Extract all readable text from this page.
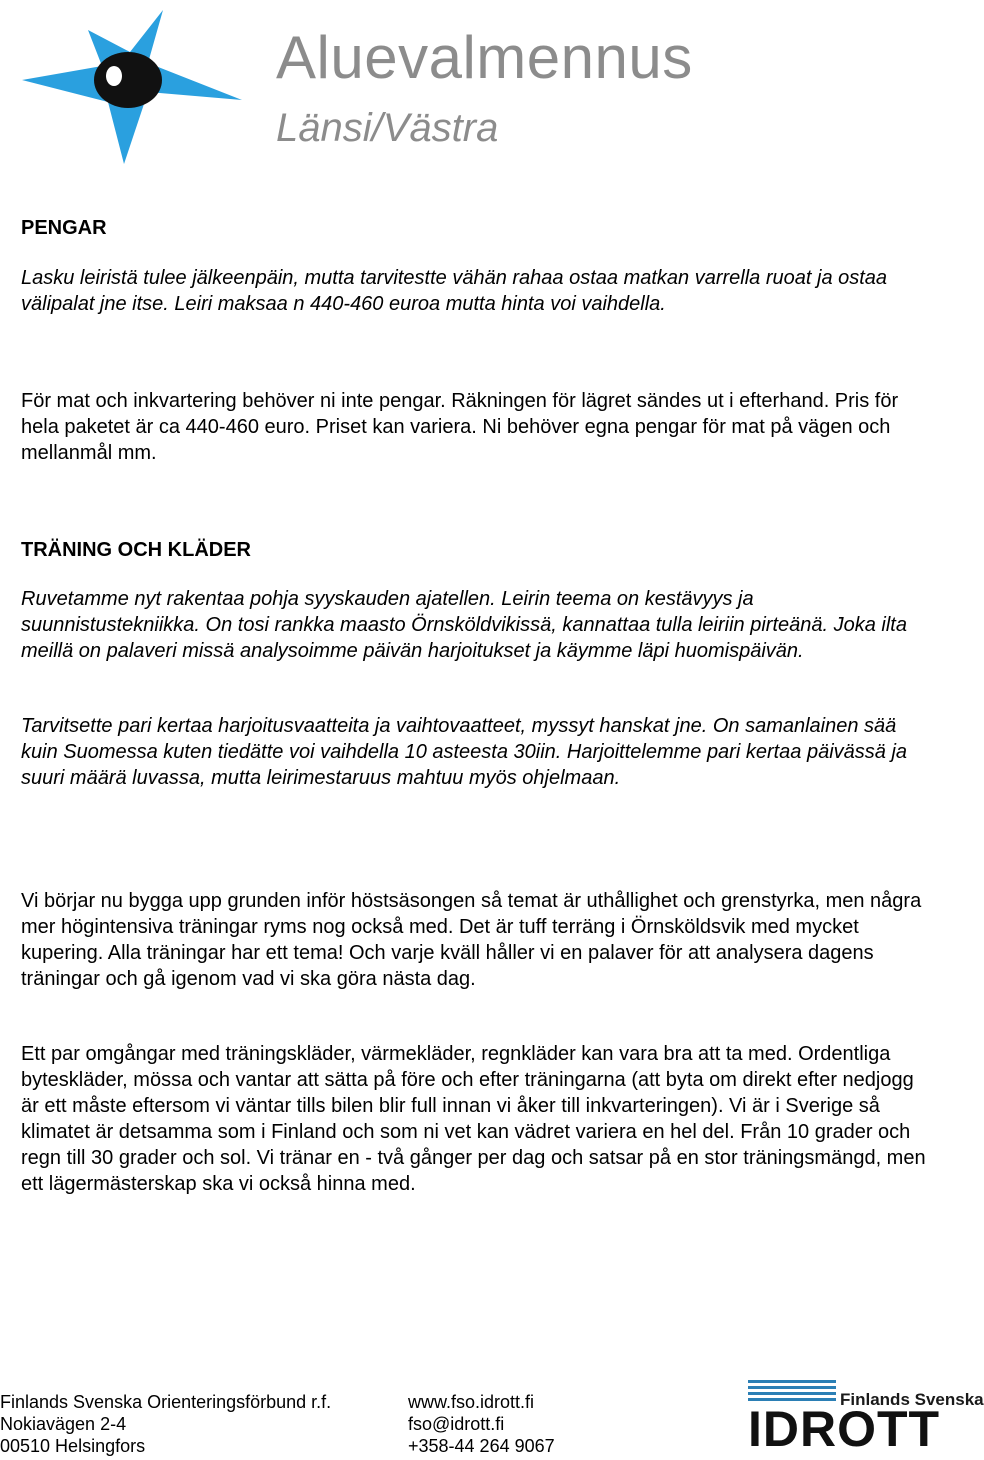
Aluevalmennus
Länsi/Västra

PENGAR

Lasku leiristä tulee jälkeenpäin, mutta tarvitestte vähän rahaa ostaa matkan varrella ruoat ja ostaa välipalat jne itse. Leiri maksaa n 440-460 euroa mutta hinta voi vaihdella.

För mat och inkvartering behöver ni inte pengar. Räkningen för lägret sändes ut i efterhand. Pris för hela paketet är ca 440-460 euro. Priset kan variera. Ni behöver egna pengar för mat på vägen och mellanmål mm.

TRÄNING OCH KLÄDER

Ruvetamme nyt rakentaa pohja syyskauden ajatellen. Leirin teema on kestävyys ja suunnistustekniikka. On tosi rankka maasto Örnsköldvikissä, kannattaa tulla leiriin pirteänä. Joka ilta meillä on palaveri missä analysoimme päivän harjoitukset ja käymme läpi huomispäivän.

Tarvitsette pari kertaa harjoitusvaatteita ja vaihtovaatteet, myssyt hanskat jne. On samanlainen sää kuin Suomessa kuten tiedätte voi vaihdella 10 asteesta 30iin. Harjoittelemme pari kertaa päivässä ja suuri määrä luvassa, mutta leirimestaruus mahtuu myös ohjelmaan.

Vi börjar nu bygga upp grunden inför höstsäsongen så temat är uthållighet och grenstyrka, men några mer högintensiva träningar ryms nog också med. Det är tuff terräng i Örnsköldsvik med mycket kupering. Alla träningar har ett tema! Och varje kväll håller vi en palaver för att analysera dagens träningar och gå igenom vad vi ska göra nästa dag.

Ett par omgångar med träningskläder, värmekläder, regnkläder kan vara bra att ta med. Ordentliga byteskläder, mössa och vantar att sätta på före och efter träningarna (att byta om direkt efter nedjogg är ett måste eftersom vi väntar tills bilen blir full innan vi åker till inkvarteringen). Vi är i Sverige så klimatet är detsamma som i Finland och som ni vet kan vädret variera en hel del. Från 10 grader och regn till 30 grader och sol. Vi tränar en - två gånger per dag och satsar på en stor träningsmängd, men ett lägermästerskap ska vi också hinna med.

Finlands Svenska Orienteringsförbund r.f.
Nokiavägen 2-4
00510 Helsingfors
www.fso.idrott.fi
fso@idrott.fi
+358-44 264 9067
Finlands Svenska
IDROTT
